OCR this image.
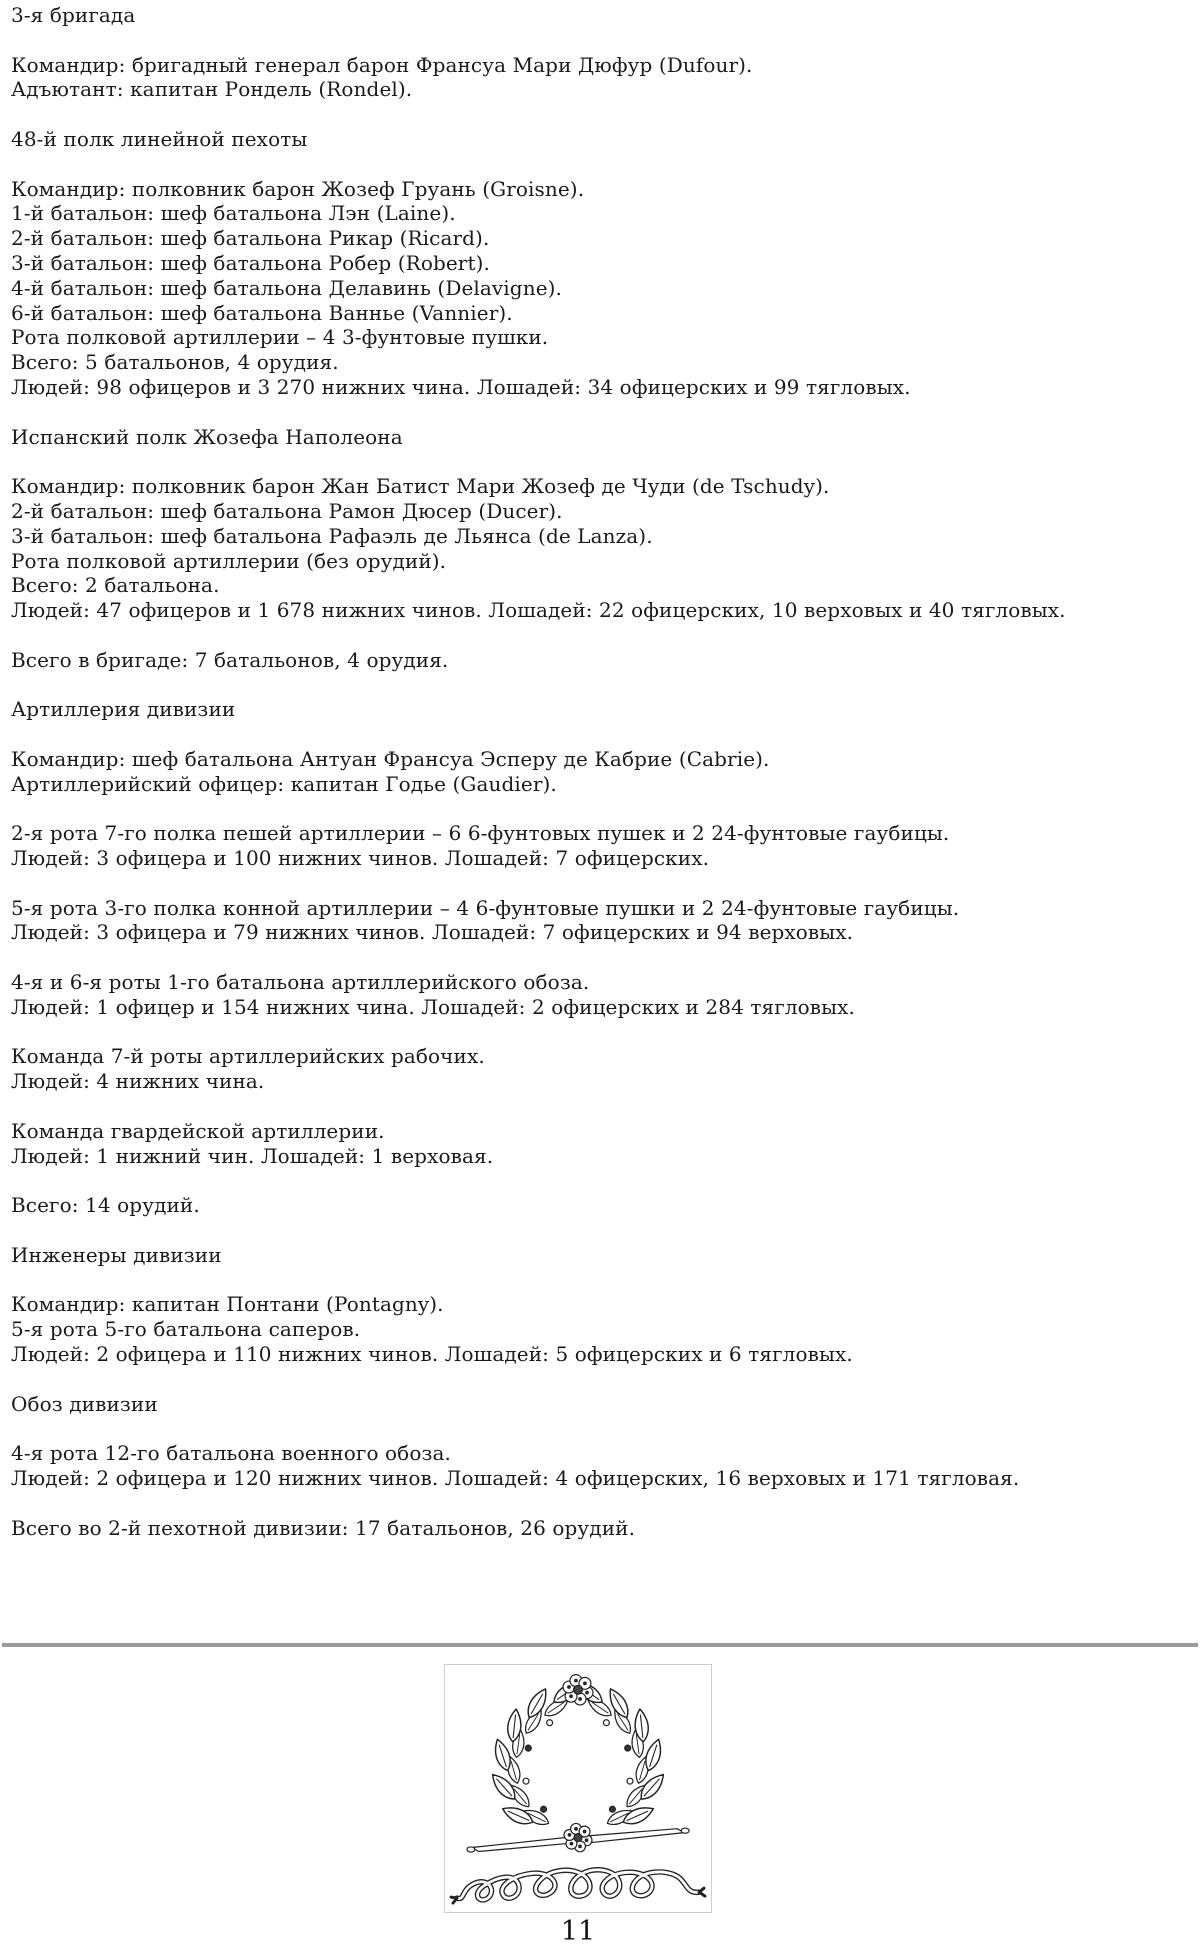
3-я бригада
Командир: бригадный генерал барон Франсуа Мари Дюфур (Dufour).
Адъютант: капитан Рондель (Rondel).
48-й полк линейной пехоты
Командир: полковник барон Жозеф Груань (Groisne).
1-й батальон: шеф батальона Лэн (Laine).
2-й батальон: шеф батальона Рикар (Ricard).
3-й батальон: шеф батальона Робер (Robert).
4-й батальон: шеф батальона Делавинь (Delavigne).
6-й батальон: шеф батальона Ваннье (Vannier).
Рота полковой артиллерии – 4 3-фунтовые пушки.
Всего: 5 батальонов, 4 орудия.
Людей: 98 офицеров и 3 270 нижних чина. Лошадей: 34 офицерских и 99 тягловых.
Испанский полк Жозефа Наполеона
Командир: полковник барон Жан Батист Мари Жозеф де Чуди (de Tschudy).
2-й батальон: шеф батальона Рамон Дюсер (Ducer).
3-й батальон: шеф батальона Рафаэль де Льянса (de Lanza).
Рота полковой артиллерии (без орудий).
Всего: 2 батальона.
Людей: 47 офицеров и 1 678 нижних чинов. Лошадей: 22 офицерских, 10 верховых и 40 тягловых.
Всего в бригаде: 7 батальонов, 4 орудия.
Артиллерия дивизии
Командир: шеф батальона Антуан Франсуа Эсперу де Кабрие (Cabrie).
Артиллерийский офицер: капитан Годье (Gaudier).
2-я рота 7-го полка пешей артиллерии – 6 6-фунтовых пушек и 2 24-фунтовые гаубицы.
Людей: 3 офицера и 100 нижних чинов. Лошадей: 7 офицерских.
5-я рота 3-го полка конной артиллерии – 4 6-фунтовые пушки и 2 24-фунтовые гаубицы.
Людей: 3 офицера и 79 нижних чинов. Лошадей: 7 офицерских и 94 верховых.
4-я и 6-я роты 1-го батальона артиллерийского обоза.
Людей: 1 офицер и 154 нижних чина. Лошадей: 2 офицерских и 284 тягловых.
Команда 7-й роты артиллерийских рабочих.
Людей: 4 нижних чина.
Команда гвардейской артиллерии.
Людей: 1 нижний чин. Лошадей: 1 верховая.
Всего: 14 орудий.
Инженеры дивизии
Командир: капитан Понтани (Pontagny).
5-я рота 5-го батальона саперов.
Людей: 2 офицера и 110 нижних чинов. Лошадей: 5 офицерских и 6 тягловых.
Обоз дивизии
4-я рота 12-го батальона военного обоза.
Людей: 2 офицера и 120 нижних чинов. Лошадей: 4 офицерских, 16 верховых и 171 тягловая.
Всего во 2-й пехотной дивизии: 17 батальонов, 26 орудий.
11
